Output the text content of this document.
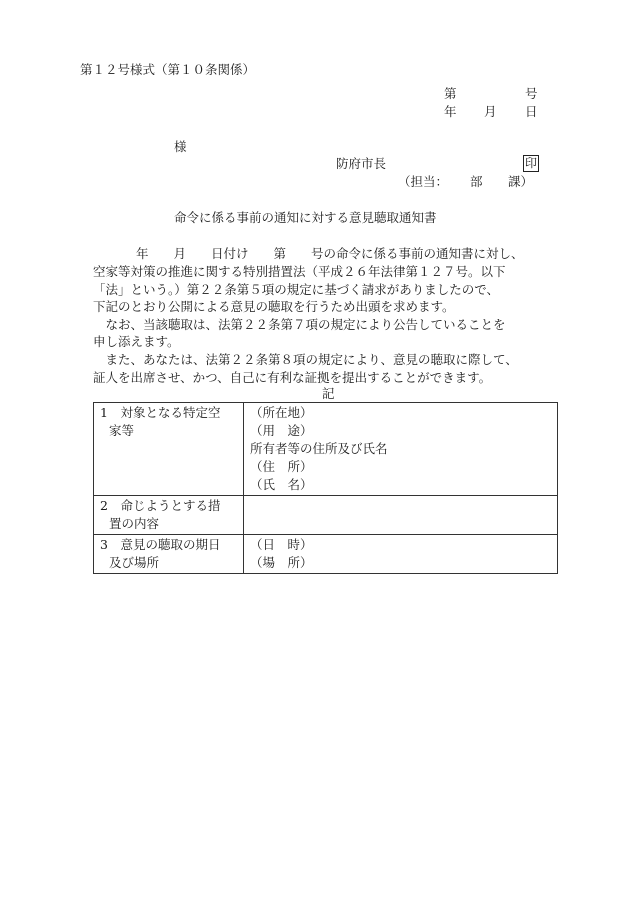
第１２号様式（第１０条関係）
第	号
年 月 日
様
防府市長	印
（担当： 部 課）
命令に係る事前の通知に対する意見聴取通知書
　　年　　月　　日付け　　第　　号の命令に係る事前の通知書に対し、
空家等対策の推進に関する特別措置法（平成２６年法律第１２７号。以下
「法」という。）第２２条第５項の規定に基づく請求がありましたので、
下記のとおり公開による意見の聴取を行うため出頭を求めます。
　なお、当該聴取は、法第２２条第７項の規定により公告していることを
申し添えます。
　また、あなたは、法第２２条第８項の規定により、意見の聴取に際して、
証人を出席させ、かつ、自己に有利な証拠を提出することができます。
記
1　 対象となる特定空
家等	（所在地）
（用　途）
所有者等の住所及び氏名
（住　所）
（氏　名）

2　 命じようとする措
置の内容	

3　 意見の聴取の期日
及び場所	（日　時）
（場　所）
